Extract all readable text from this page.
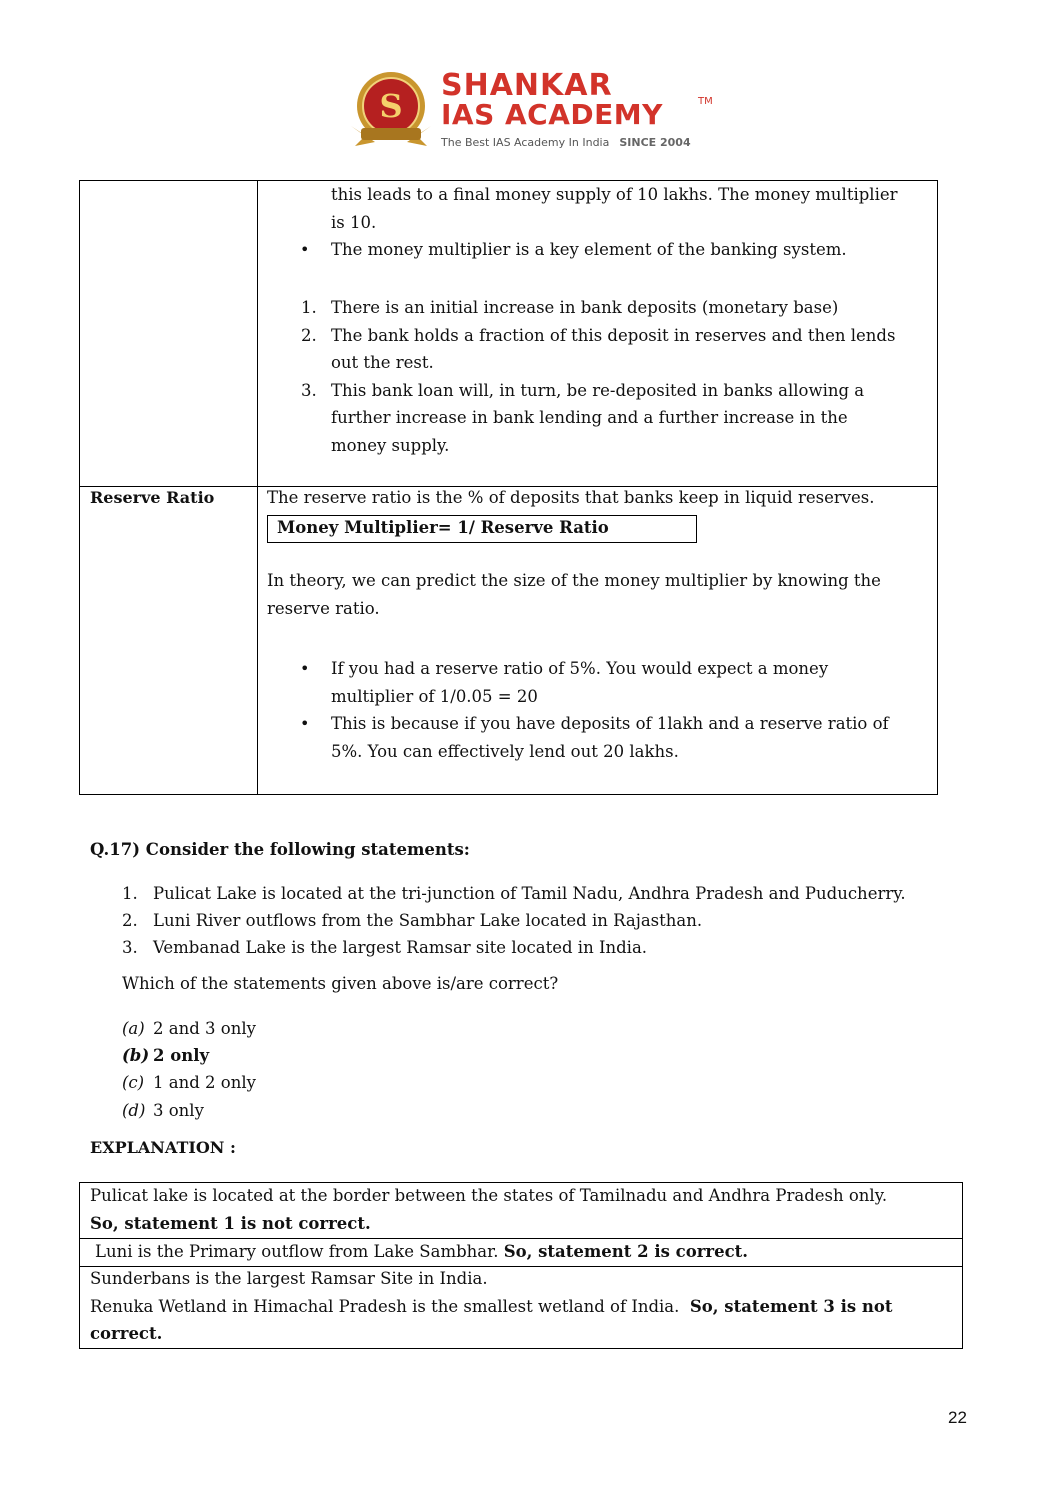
S
SHANKAR
IAS ACADEMY	TM
The Best IAS Academy In India SINCE 2004
this leads to a final money supply of 10 lakhs. The money multiplier
is 10.
•	The money multiplier is a key element of the banking system.
1. There is an initial increase in bank deposits (monetary base)
2. The bank holds a fraction of this deposit in reserves and then lends
out the rest.
3. This bank loan will, in turn, be re-deposited in banks allowing a
further increase in bank lending and a further increase in the
money supply.
Reserve Ratio	The reserve ratio is the % of deposits that banks keep in liquid reserves.
Money Multiplier= 1/ Reserve Ratio
In theory, we can predict the size of the money multiplier by knowing the
reserve ratio.
•	If you had a reserve ratio of 5%. You would expect a money
multiplier of 1/0.05 = 20
•	This is because if you have deposits of 1lakh and a reserve ratio of
5%. You can effectively lend out 20 lakhs.
Q.17) Consider the following statements:
1. Pulicat Lake is located at the tri-junction of Tamil Nadu, Andhra Pradesh and Puducherry.
2. Luni River outflows from the Sambhar Lake located in Rajasthan.
3. Vembanad Lake is the largest Ramsar site located in India.
Which of the statements given above is/are correct?
(a) 2 and 3 only
(b) 2 only
(c) 1 and 2 only
(d) 3 only
EXPLANATION :
Pulicat lake is located at the border between the states of Tamilnadu and Andhra Pradesh only.
So, statement 1 is not correct.
Luni is the Primary outflow from Lake Sambhar. So, statement 2 is correct.
Sunderbans is the largest Ramsar Site in India.
Renuka Wetland in Himachal Pradesh is the smallest wetland of India. So, statement 3 is not
correct.
22
